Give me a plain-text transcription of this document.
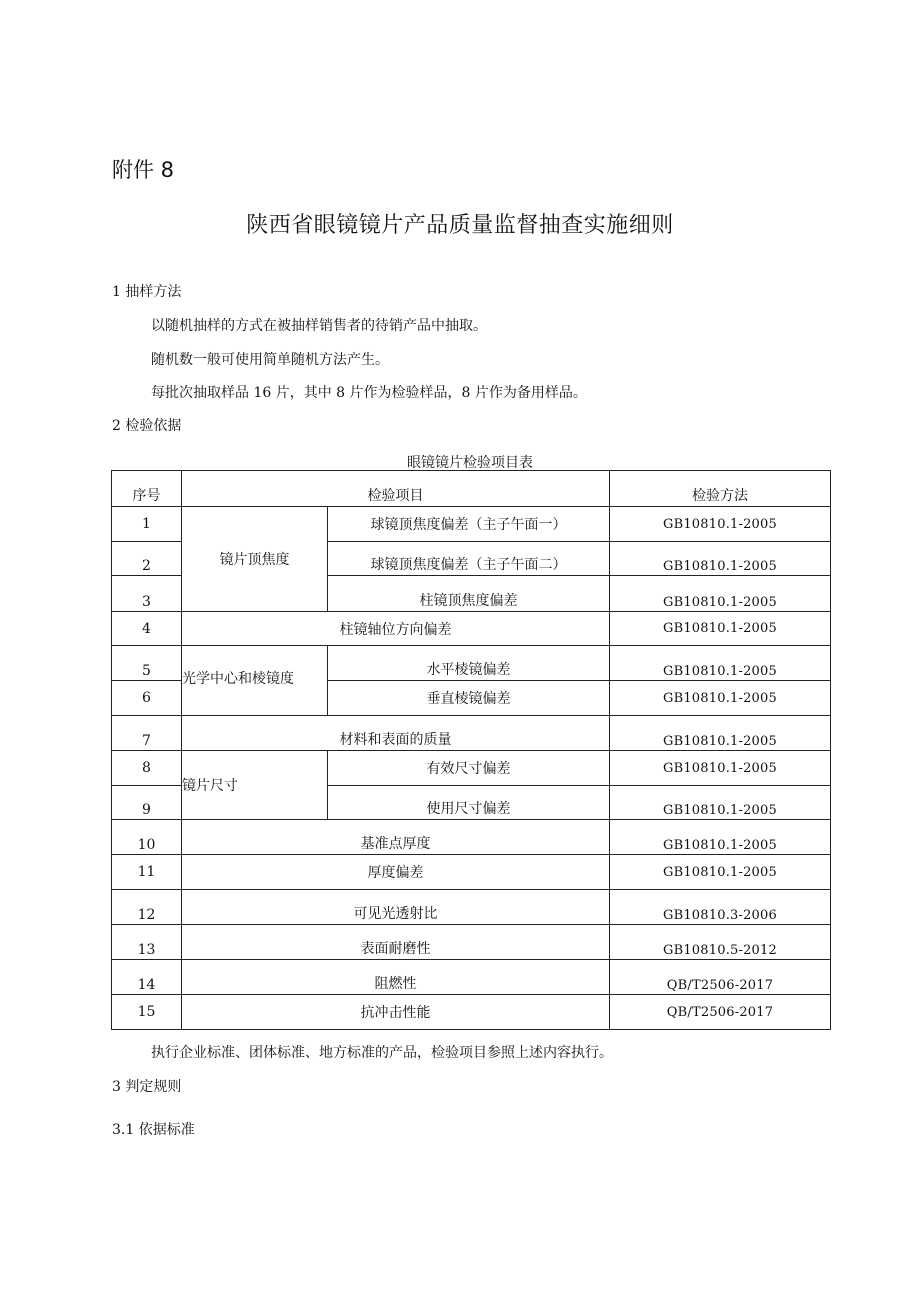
附件 8
陕西省眼镜镜片产品质量监督抽查实施细则
1 抽样方法
以随机抽样的方式在被抽样销售者的待销产品中抽取。
随机数一般可使用简单随机方法产生。
每批次抽取样品 16 片，其中 8 片作为检验样品，8 片作为备用样品。
2 检验依据
眼镜镜片检验项目表
序号	检验项目		检验方法
1	镜片顶焦度	球镜顶焦度偏差（主子午面一）	GB10810.1-2005
2		球镜顶焦度偏差（主子午面二）	GB10810.1-2005
3		柱镜顶焦度偏差	GB10810.1-2005
4	柱镜轴位方向偏差		GB10810.1-2005
5	光学中心和棱镜度	水平棱镜偏差	GB10810.1-2005
6		垂直棱镜偏差	GB10810.1-2005
7	材料和表面的质量		GB10810.1-2005
8	镜片尺寸	有效尺寸偏差	GB10810.1-2005
9		使用尺寸偏差	GB10810.1-2005
10	基准点厚度		GB10810.1-2005
11	厚度偏差		GB10810.1-2005
12	可见光透射比		GB10810.3-2006
13	表面耐磨性		GB10810.5-2012
14	阻燃性		QB/T2506-2017
15	抗冲击性能		QB/T2506-2017
执行企业标准、团体标准、地方标准的产品，检验项目参照上述内容执行。
3 判定规则
3.1 依据标准
